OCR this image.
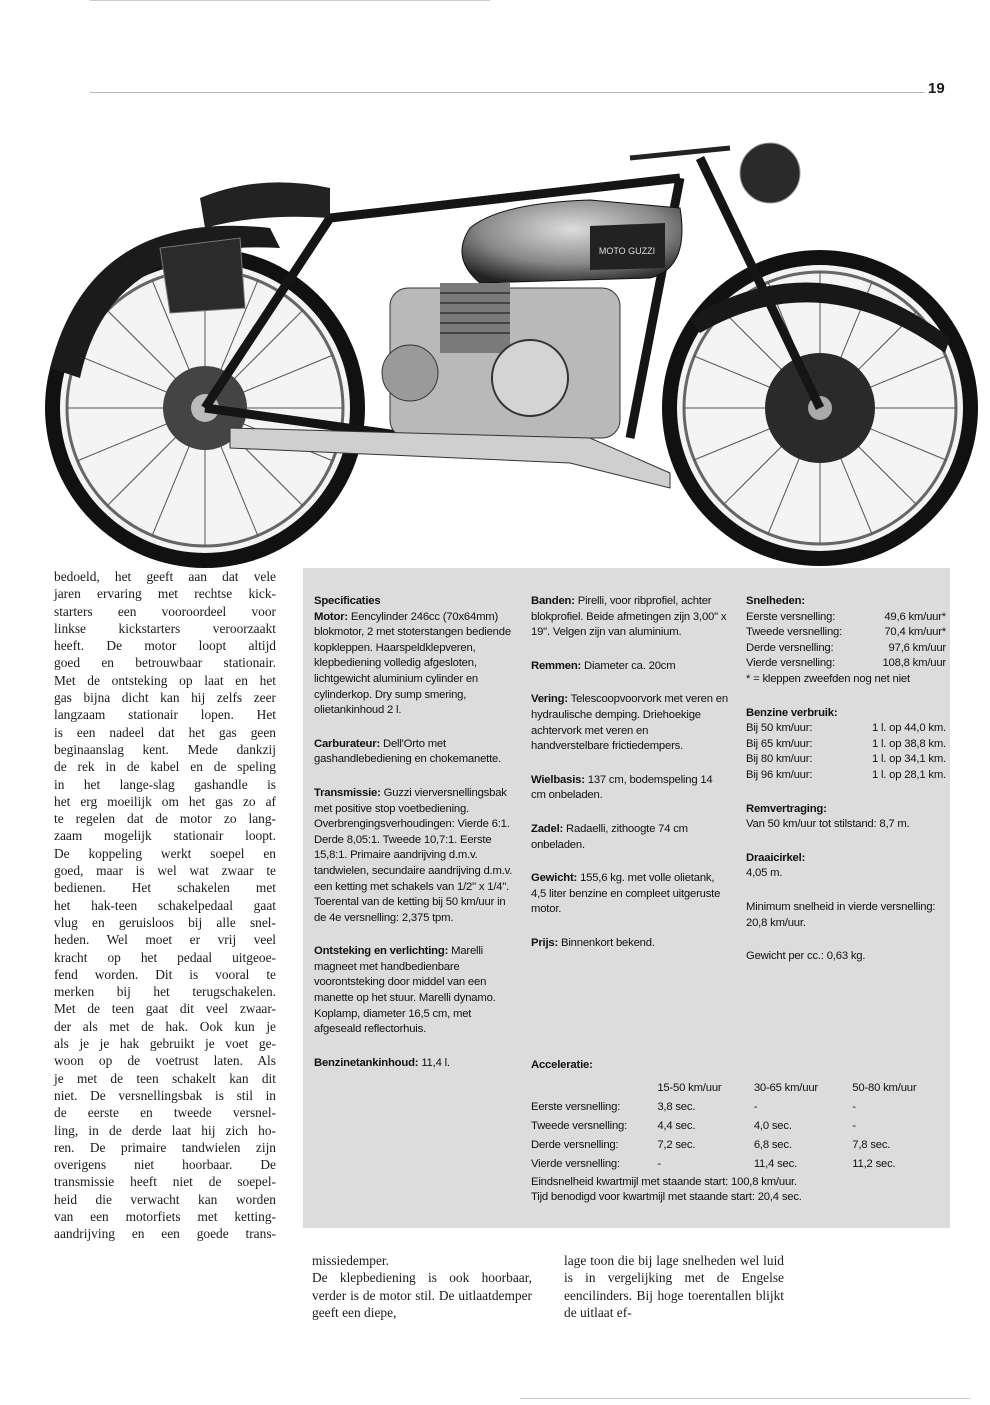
19
MOTO GUZZI
bedoeld, het geeft aan dat vele
jaren ervaring met rechtse kick-
starters een vooroordeel voor
linkse kickstarters veroorzaakt
heeft. De motor loopt altijd
goed en betrouwbaar stationair.
Met de ontsteking op laat en het
gas bijna dicht kan hij zelfs zeer
langzaam stationair lopen. Het
is een nadeel dat het gas geen
beginaanslag kent. Mede dankzij
de rek in de kabel en de speling
in het lange-slag gashandle is
het erg moeilijk om het gas zo af
te regelen dat de motor zo lang-
zaam mogelijk stationair loopt.
De koppeling werkt soepel en
goed, maar is wel wat zwaar te
bedienen. Het schakelen met
het hak-teen schakelpedaal gaat
vlug en geruisloos bij alle snel-
heden. Wel moet er vrij veel
kracht op het pedaal uitgeoe-
fend worden. Dit is vooral te
merken bij het terugschakelen.
Met de teen gaat dit veel zwaar-
der als met de hak. Ook kun je
als je je hak gebruikt je voet ge-
woon op de voetrust laten. Als
je met de teen schakelt kan dit
niet. De versnellingsbak is stil in
de eerste en tweede versnel-
ling, in de derde laat hij zich ho-
ren. De primaire tandwielen zijn
overigens niet hoorbaar. De
transmissie heeft niet de soepel-
heid die verwacht kan worden
van een motorfiets met ketting-
aandrijving en een goede trans-
Specificaties

Motor: Eencylinder 246cc (70x64mm) blokmotor, 2 met stoterstangen bediende kopkleppen. Haarspeldklepveren, klepbediening volledig afgesloten, lichtgewicht aluminium cylinder en cylinderkop. Dry sump smering, olietankinhoud 2 l.

Carburateur: Dell'Orto met gashandlebediening en chokemanette.

Transmissie: Guzzi vierversnellingsbak met positive stop voetbediening. Overbrengingsverhoudingen: Vierde 6:1. Derde 8,05:1. Tweede 10,7:1. Eerste 15,8:1. Primaire aandrijving d.m.v. tandwielen, secundaire aandrijving d.m.v. een ketting met schakels van 1/2" x 1/4". Toerental van de ketting bij 50 km/uur in de 4e versnelling: 2,375 tpm.

Ontsteking en verlichting: Marelli magneet met handbedienbare voorontsteking door middel van een manette op het stuur. Marelli dynamo. Koplamp, diameter 16,5 cm, met afgeseald reflectorhuis.

Benzinetankinhoud: 11,4 l.

Banden: Pirelli, voor ribprofiel, achter blokprofiel. Beide afmetingen zijn 3,00" x 19". Velgen zijn van aluminium.

Remmen: Diameter ca. 20cm

Vering: Telescoopvoorvork met veren en hydraulische demping. Driehoekige achtervork met veren en handverstelbare frictiedempers.

Wielbasis: 137 cm, bodemspeling 14 cm onbeladen.

Zadel: Radaelli, zithoogte 74 cm onbeladen.

Gewicht: 155,6 kg. met volle olietank, 4,5 liter benzine en compleet uitgeruste motor.

Prijs: Binnenkort bekend.

Snelheden:
Eerste versnelling:	49,6 km/uur*
Tweede versnelling:	70,4 km/uur*
Derde versnelling:	97,6 km/uur
Vierde versnelling:	108,8 km/uur

* = kleppen zweefden nog net niet

Benzine verbruik:
Bij 50 km/uur:	1 l. op 44,0 km.
Bij 65 km/uur:	1 l. op 38,8 km.
Bij 80 km/uur:	1 l. op 34,1 km.
Bij 96 km/uur:	1 l. op 28,1 km.
Remvertraging:

Van 50 km/uur tot stilstand: 8,7 m.

Draaicirkel:

4,05 m.

Minimum snelheid in vierde versnelling: 20,8 km/uur.

Gewicht per cc.: 0,63 kg.

Acceleratie:
	15-50 km/uur	30-65 km/uur	50-80 km/uur
Eerste versnelling:	3,8 sec.	-	-
Tweede versnelling:	4,4 sec.	4,0 sec.	-
Derde versnelling:	7,2 sec.	6,8 sec.	7,8 sec.
Vierde versnelling:	-	11,4 sec.	11,2 sec.
Eindsnelheid kwartmijl met staande start: 100,8 km/uur.
Tijd benodigd voor kwartmijl met staande start: 20,4 sec.

missiedemper.

De klepbediening is ook hoorbaar, verder is de motor stil. De uitlaatdemper geeft een diepe,

lage toon die bij lage snelheden wel luid is in vergelijking met de Engelse eencilinders. Bij hoge toerentallen blijkt de uitlaat ef-
